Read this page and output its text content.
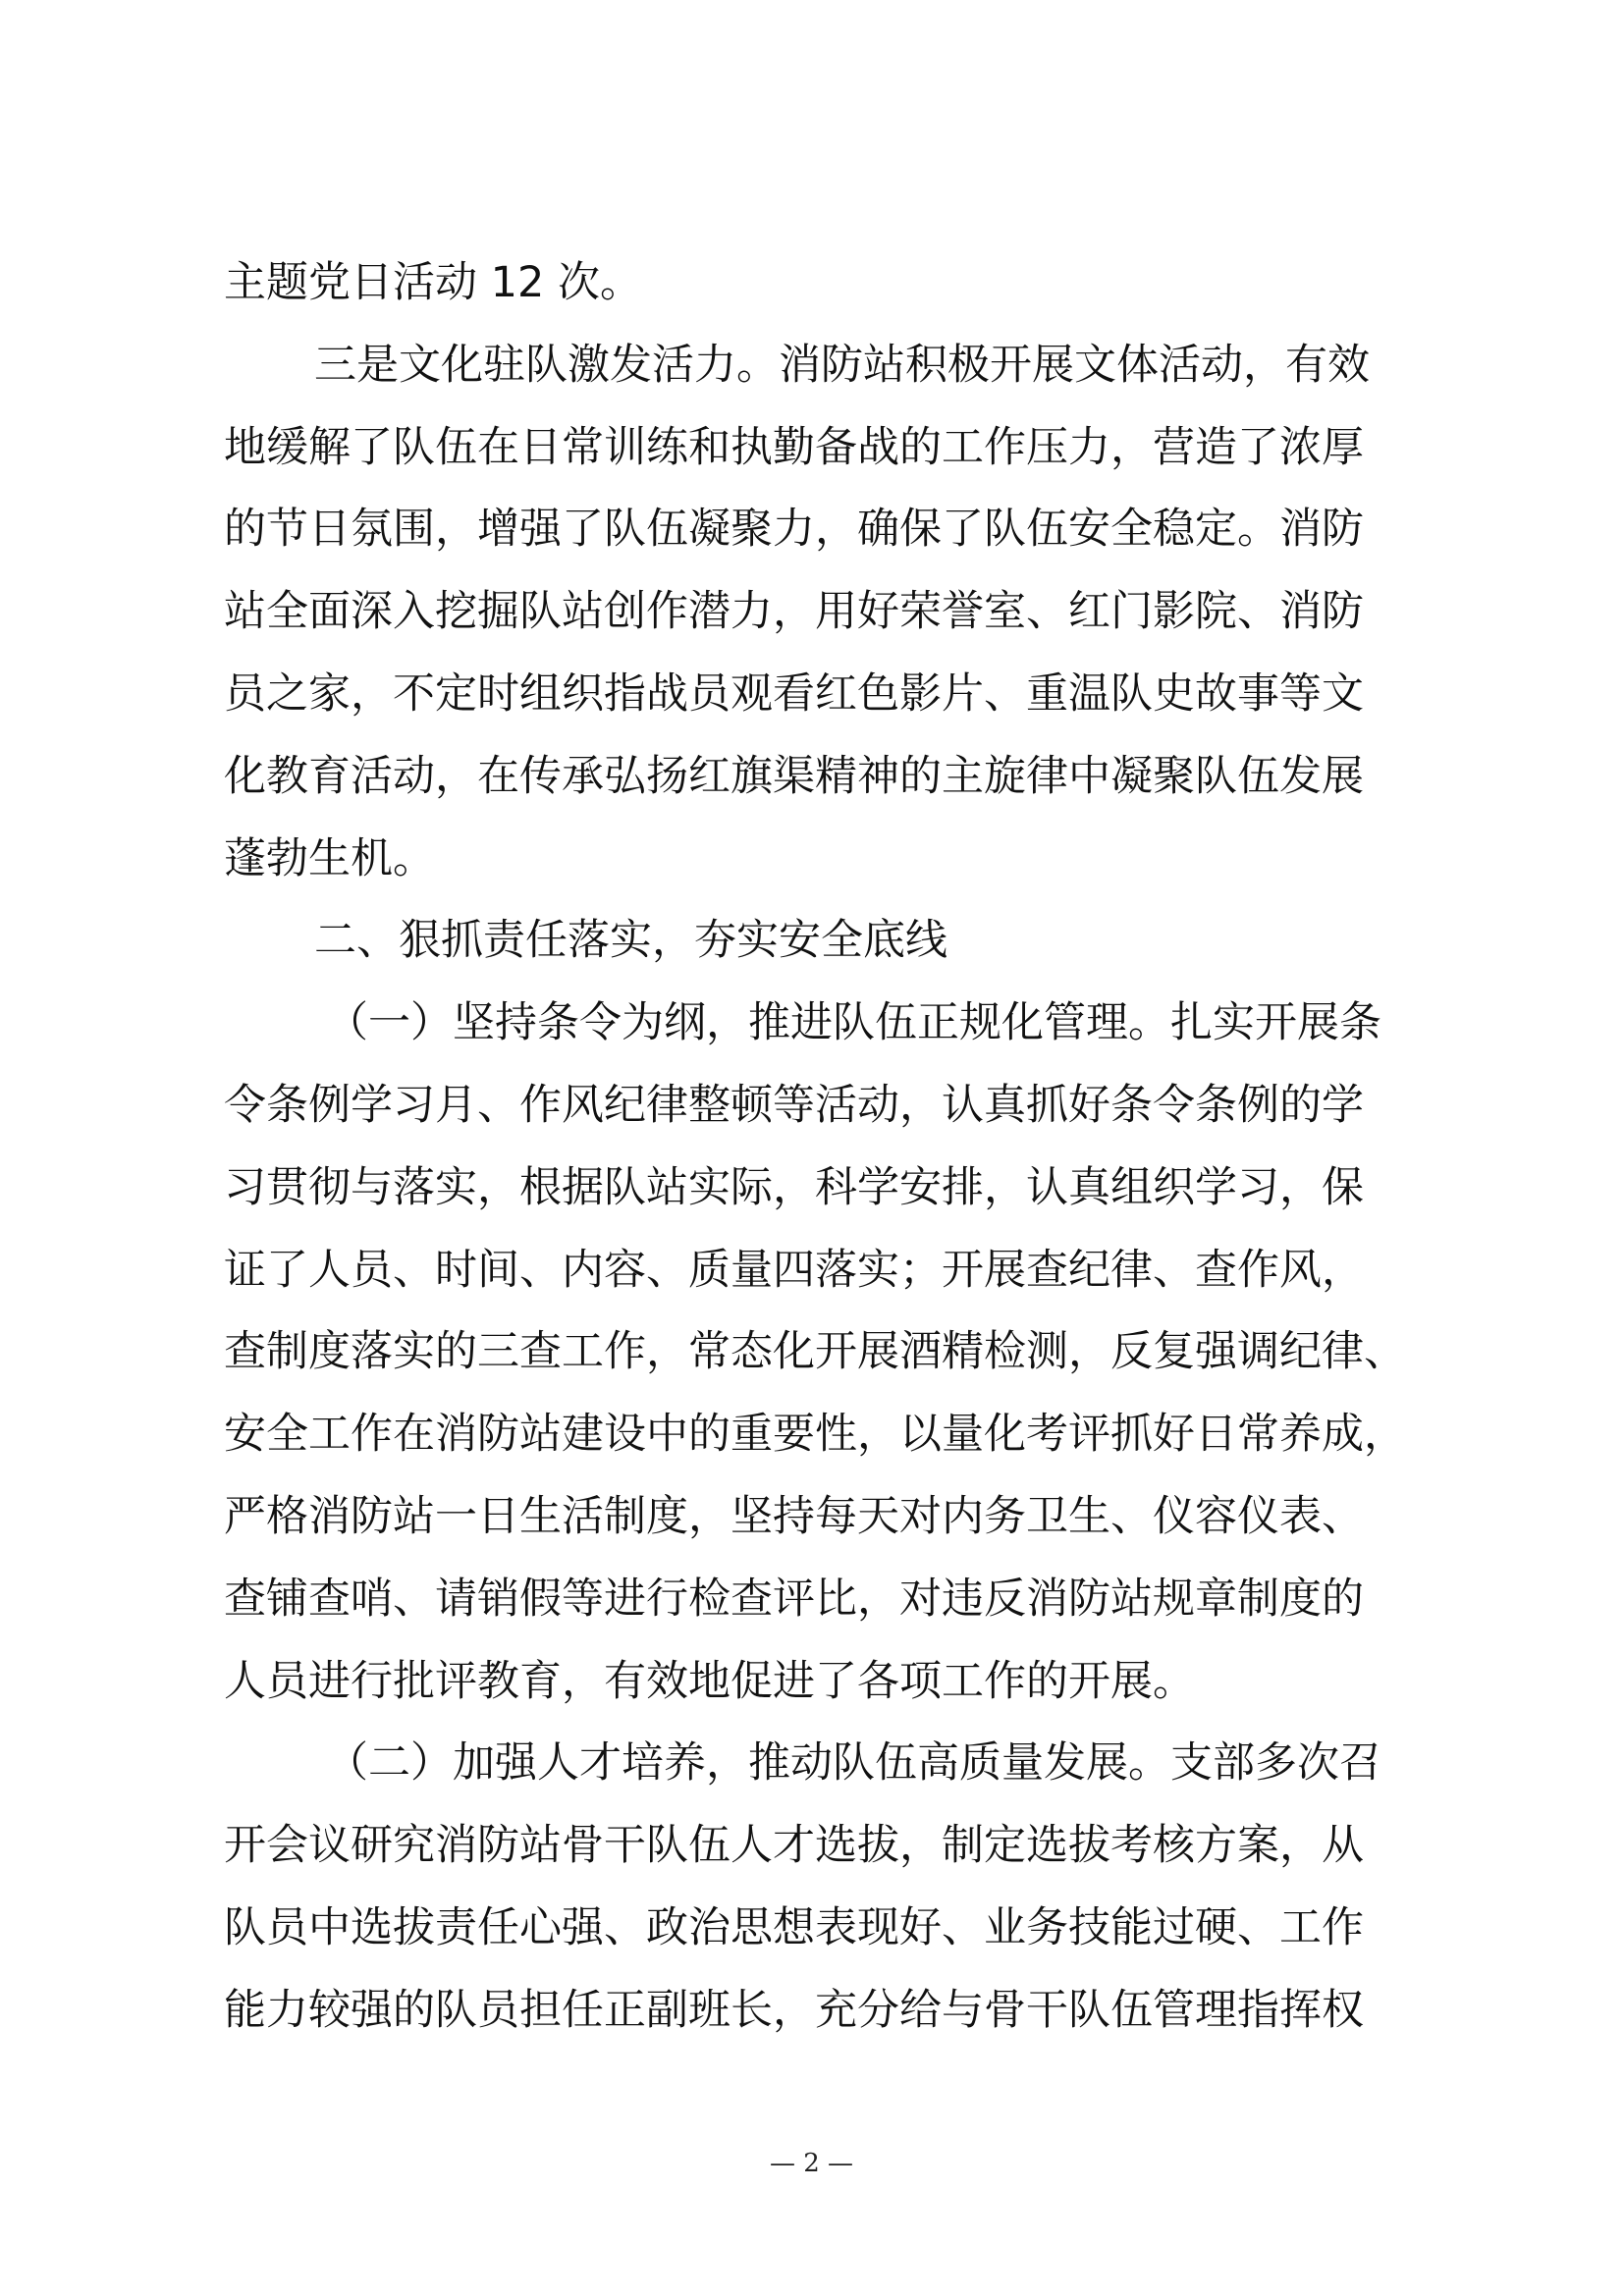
主题党日活动 12 次。
三是文化驻队激发活力。消防站积极开展文体活动，有效
地缓解了队伍在日常训练和执勤备战的工作压力，营造了浓厚
的节日氛围，增强了队伍凝聚力，确保了队伍安全稳定。消防
站全面深入挖掘队站创作潜力，用好荣誉室、红门影院、消防
员之家，不定时组织指战员观看红色影片、重温队史故事等文
化教育活动，在传承弘扬红旗渠精神的主旋律中凝聚队伍发展
蓬勃生机。
二、狠抓责任落实，夯实安全底线
（一）坚持条令为纲，推进队伍正规化管理。扎实开展条
令条例学习月、作风纪律整顿等活动，认真抓好条令条例的学
习贯彻与落实，根据队站实际，科学安排，认真组织学习，保
证了人员、时间、内容、质量四落实；开展查纪律、查作风，
查制度落实的三查工作，常态化开展酒精检测，反复强调纪律、
安全工作在消防站建设中的重要性，以量化考评抓好日常养成，
严格消防站一日生活制度，坚持每天对内务卫生、仪容仪表、
查铺查哨、请销假等进行检查评比，对违反消防站规章制度的
人员进行批评教育，有效地促进了各项工作的开展。
（二）加强人才培养，推动队伍高质量发展。支部多次召
开会议研究消防站骨干队伍人才选拔，制定选拔考核方案，从
队员中选拔责任心强、政治思想表现好、业务技能过硬、工作
能力较强的队员担任正副班长，充分给与骨干队伍管理指挥权
— 2 —
